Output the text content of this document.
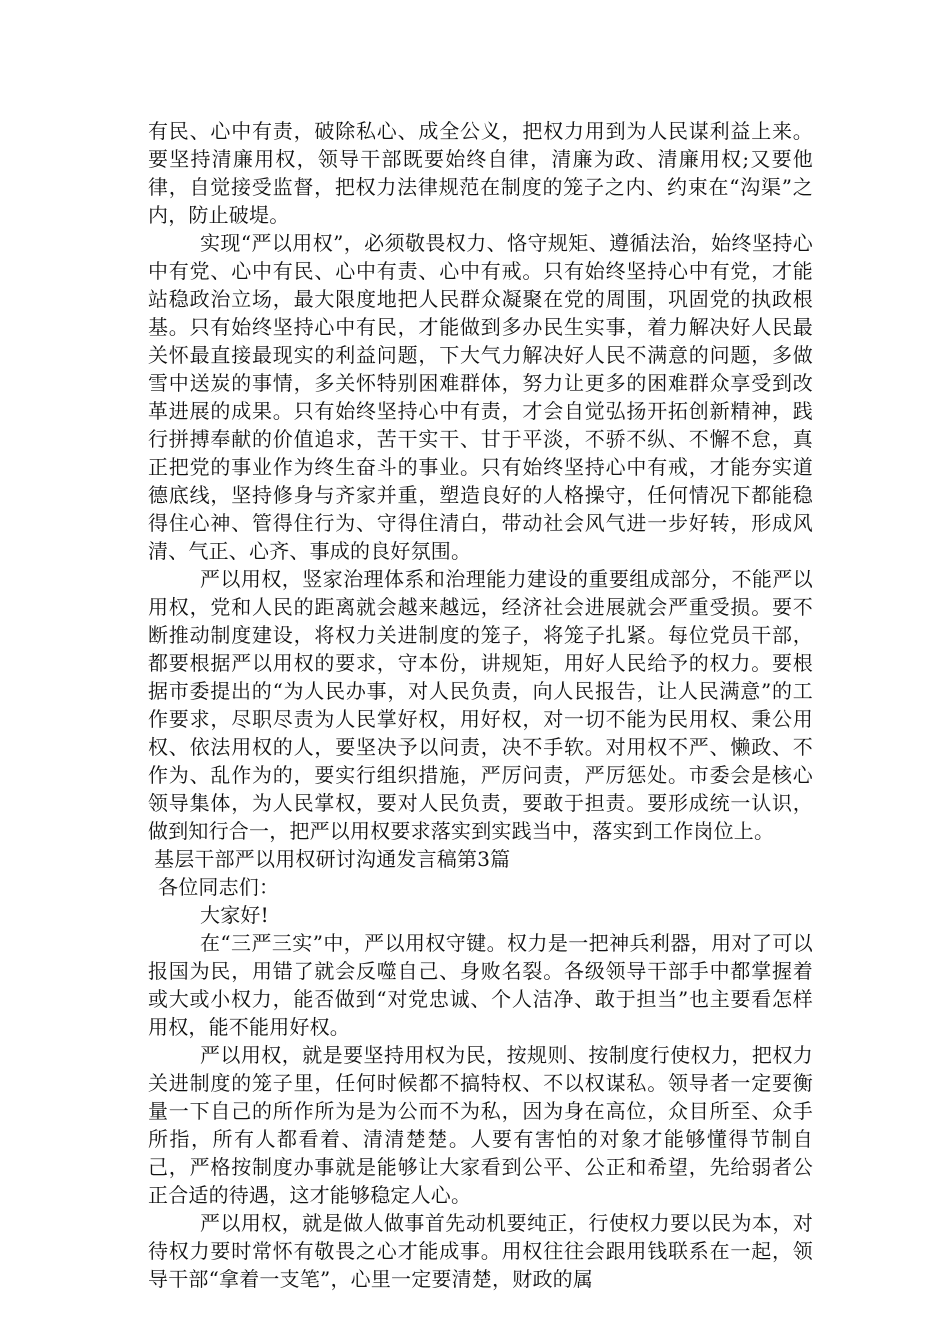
有民、心中有责，破除私心、成全公义，把权力用到为人民谋利益上来。要坚持清廉用权，领导干部既要始终自律，清廉为政、清廉用权;又要他律，自觉接受监督，把权力法律规范在制度的笼子之内、约束在“沟渠”之内，防止破堤。

实现“严以用权”，必须敬畏权力、恪守规矩、遵循法治，始终坚持心中有党、心中有民、心中有责、心中有戒。只有始终坚持心中有党，才能站稳政治立场，最大限度地把人民群众凝聚在党的周围，巩固党的执政根基。只有始终坚持心中有民，才能做到多办民生实事，着力解决好人民最关怀最直接最现实的利益问题，下大气力解决好人民不满意的问题，多做雪中送炭的事情，多关怀特别困难群体，努力让更多的困难群众享受到改革进展的成果。只有始终坚持心中有责，才会自觉弘扬开拓创新精神，践行拼搏奉献的价值追求，苦干实干、甘于平淡，不骄不纵、不懈不怠，真正把党的事业作为终生奋斗的事业。只有始终坚持心中有戒，才能夯实道德底线，坚持修身与齐家并重，塑造良好的人格操守，任何情况下都能稳得住心神、管得住行为、守得住清白，带动社会风气进一步好转，形成风清、气正、心齐、事成的良好氛围。

严以用权，竖家治理体系和治理能力建设的重要组成部分，不能严以用权，党和人民的距离就会越来越远，经济社会进展就会严重受损。要不断推动制度建设，将权力关进制度的笼子，将笼子扎紧。每位党员干部，都要根据严以用权的要求，守本份，讲规矩，用好人民给予的权力。要根据市委提出的“为人民办事，对人民负责，向人民报告，让人民满意”的工作要求，尽职尽责为人民掌好权，用好权，对一切不能为民用权、秉公用权、依法用权的人，要坚决予以问责，决不手软。对用权不严、懒政、不作为、乱作为的，要实行组织措施，严厉问责，严厉惩处。市委会是核心领导集体，为人民掌权，要对人民负责，要敢于担责。要形成统一认识，做到知行合一，把严以用权要求落实到实践当中，落实到工作岗位上。

基层干部严以用权研讨沟通发言稿第3篇

各位同志们：

大家好!

在“三严三实”中，严以用权守键。权力是一把神兵利器，用对了可以报国为民，用错了就会反噬自己、身败名裂。各级领导干部手中都掌握着或大或小权力，能否做到“对党忠诚、个人洁净、敢于担当”也主要看怎样用权，能不能用好权。

严以用权，就是要坚持用权为民，按规则、按制度行使权力，把权力关进制度的笼子里，任何时候都不搞特权、不以权谋私。领导者一定要衡量一下自己的所作所为是为公而不为私，因为身在高位，众目所至、众手所指，所有人都看着、清清楚楚。人要有害怕的对象才能够懂得节制自己，严格按制度办事就是能够让大家看到公平、公正和希望，先给弱者公正合适的待遇，这才能够稳定人心。

严以用权，就是做人做事首先动机要纯正，行使权力要以民为本，对待权力要时常怀有敬畏之心才能成事。用权往往会跟用钱联系在一起，领导干部“拿着一支笔”，心里一定要清楚，财政的属
